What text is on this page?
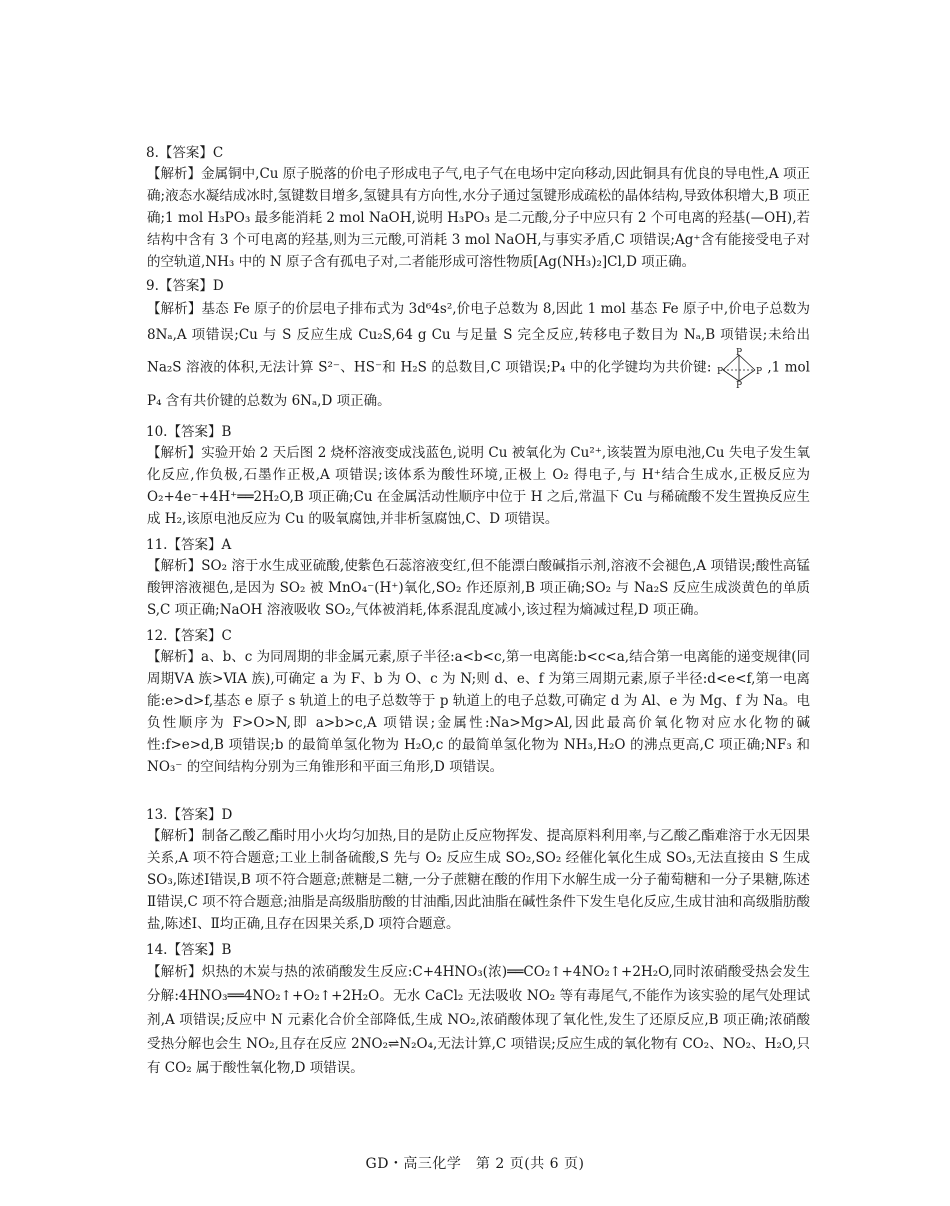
8.【答案】C

【解析】金属铜中,Cu 原子脱落的价电子形成电子气,电子气在电场中定向移动,因此铜具有优良的导电性,A 项正确;液态水凝结成冰时,氢键数目增多,氢键具有方向性,水分子通过氢键形成疏松的晶体结构,导致体积增大,B 项正确;1 mol H₃PO₃ 最多能消耗 2 mol NaOH,说明 H₃PO₃ 是二元酸,分子中应只有 2 个可电离的羟基(—OH),若结构中含有 3 个可电离的羟基,则为三元酸,可消耗 3 mol NaOH,与事实矛盾,C 项错误;Ag⁺含有能接受电子对的空轨道,NH₃ 中的 N 原子含有孤电子对,二者能形成可溶性物质[Ag(NH₃)₂]Cl,D 项正确。

9.【答案】D

【解析】基态 Fe 原子的价层电子排布式为 3d⁶4s²,价电子总数为 8,因此 1 mol 基态 Fe 原子中,价电子总数为 8Nₐ,A 项错误;Cu 与 S 反应生成 Cu₂S,64 g Cu 与足量 S 完全反应,转移电子数目为 Nₐ,B 项错误;未给出 Na₂S 溶液的体积,无法计算 S²⁻、HS⁻和 H₂S 的总数目,C 项错误;P₄ 中的化学键均为共价键:
P
P	P
P
,1 mol P₄ 含有共价键的总数为 6Nₐ,D 项正确。

10.【答案】B

【解析】实验开始 2 天后图 2 烧杯溶液变成浅蓝色,说明 Cu 被氧化为 Cu²⁺,该装置为原电池,Cu 失电子发生氧化反应,作负极,石墨作正极,A 项错误;该体系为酸性环境,正极上 O₂ 得电子,与 H⁺结合生成水,正极反应为 O₂+4e⁻+4H⁺══2H₂O,B 项正确;Cu 在金属活动性顺序中位于 H 之后,常温下 Cu 与稀硫酸不发生置换反应生成 H₂,该原电池反应为 Cu 的吸氧腐蚀,并非析氢腐蚀,C、D 项错误。

11.【答案】A

【解析】SO₂ 溶于水生成亚硫酸,使紫色石蕊溶液变红,但不能漂白酸碱指示剂,溶液不会褪色,A 项错误;酸性高锰酸钾溶液褪色,是因为 SO₂ 被 MnO₄⁻(H⁺)氧化,SO₂ 作还原剂,B 项正确;SO₂ 与 Na₂S 反应生成淡黄色的单质 S,C 项正确;NaOH 溶液吸收 SO₂,气体被消耗,体系混乱度减小,该过程为熵减过程,D 项正确。

12.【答案】C

【解析】a、b、c 为同周期的非金属元素,原子半径:a<b<c,第一电离能:b<c<a,结合第一电离能的递变规律(同周期ⅤA 族>ⅥA 族),可确定 a 为 F、b 为 O、c 为 N;则 d、e、f 为第三周期元素,原子半径:d<e<f,第一电离能:e>d>f,基态 e 原子 s 轨道上的电子总数等于 p 轨道上的电子总数,可确定 d 为 Al、e 为 Mg、f 为 Na。电负性顺序为 F>O>N,即 a>b>c,A 项错误;金属性:Na>Mg>Al,因此最高价氧化物对应水化物的碱性:f>e>d,B 项错误;b 的最简单氢化物为 H₂O,c 的最简单氢化物为 NH₃,H₂O 的沸点更高,C 项正确;NF₃ 和 NO₃⁻ 的空间结构分别为三角锥形和平面三角形,D 项错误。

13.【答案】D

【解析】制备乙酸乙酯时用小火均匀加热,目的是防止反应物挥发、提高原料利用率,与乙酸乙酯难溶于水无因果关系,A 项不符合题意;工业上制备硫酸,S 先与 O₂ 反应生成 SO₂,SO₂ 经催化氧化生成 SO₃,无法直接由 S 生成 SO₃,陈述Ⅰ错误,B 项不符合题意;蔗糖是二糖,一分子蔗糖在酸的作用下水解生成一分子葡萄糖和一分子果糖,陈述Ⅱ错误,C 项不符合题意;油脂是高级脂肪酸的甘油酯,因此油脂在碱性条件下发生皂化反应,生成甘油和高级脂肪酸盐,陈述Ⅰ、Ⅱ均正确,且存在因果关系,D 项符合题意。

14.【答案】B

【解析】炽热的木炭与热的浓硝酸发生反应:C+4HNO₃(浓)══CO₂↑+4NO₂↑+2H₂O,同时浓硝酸受热会发生分解:4HNO₃══4NO₂↑+O₂↑+2H₂O。无水 CaCl₂ 无法吸收 NO₂ 等有毒尾气,不能作为该实验的尾气处理试剂,A 项错误;反应中 N 元素化合价全部降低,生成 NO₂,浓硝酸体现了氧化性,发生了还原反应,B 项正确;浓硝酸受热分解也会生 NO₂,且存在反应 2NO₂⇌N₂O₄,无法计算,C 项错误;反应生成的氧化物有 CO₂、NO₂、H₂O,只有 CO₂ 属于酸性氧化物,D 项错误。

GD・高三化学　第 2 页(共 6 页)
